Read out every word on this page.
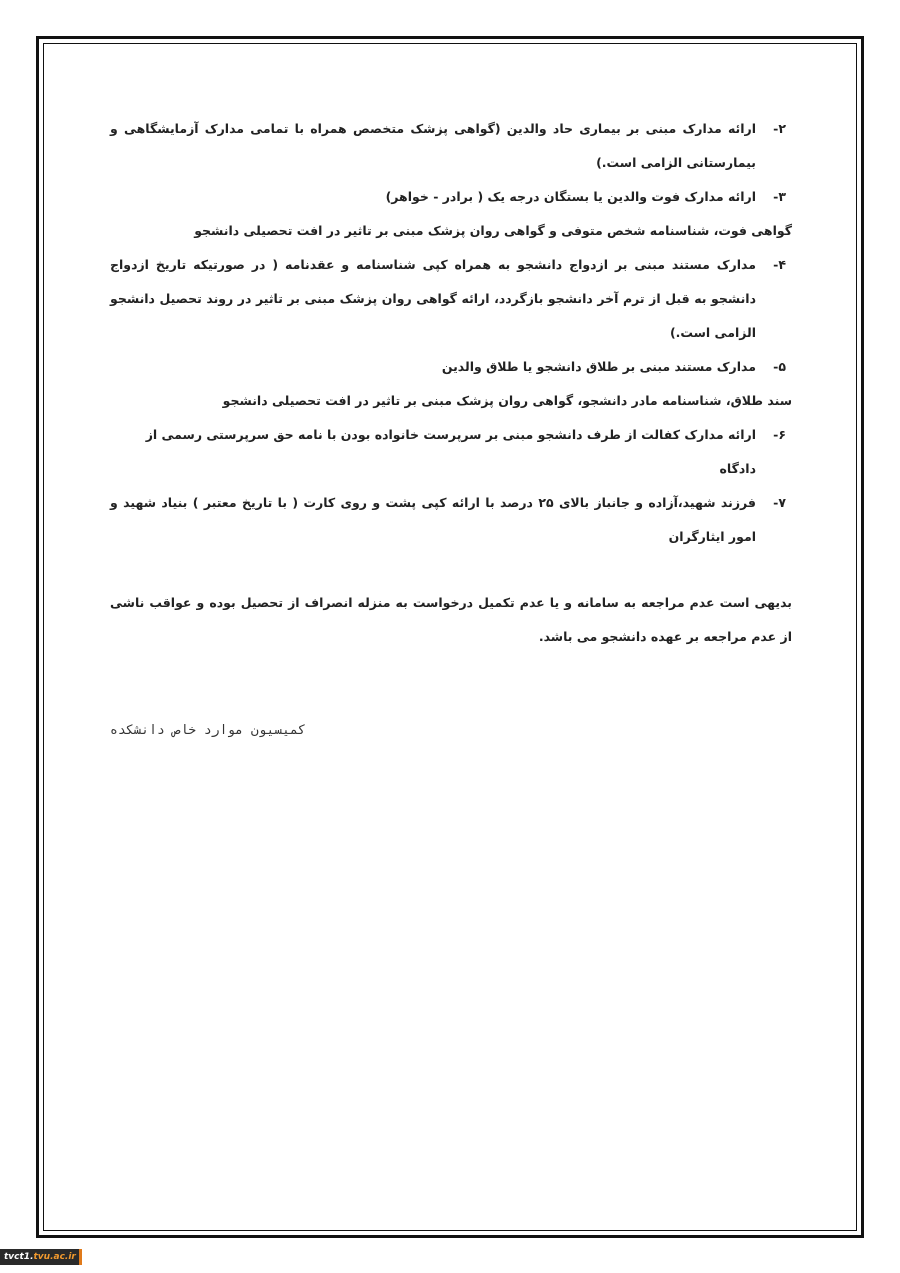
۲-
ارائه مدارک مبنی بر بیماری حاد والدین (گواهی پزشک متخصص همراه با تمامی مدارک آزمایشگاهی و بیمارستانی الزامی است.)
۳-
ارائه مدارک فوت والدین یا بستگان درجه یک ( برادر - خواهر)

گواهی فوت، شناسنامه شخص متوفی و گواهی روان پزشک مبنی بر تاثیر در افت تحصیلی دانشجو

۴-
مدارک مستند مبنی بر ازدواج دانشجو به همراه کپی شناسنامه و عقدنامه ( در صورتیکه تاریخ ازدواج دانشجو به قبل از ترم آخر دانشجو بازگردد، ارائه گواهی روان پزشک مبنی بر تاثیر در روند تحصیل دانشجو الزامی است.)
۵-
مدارک مستند مبنی بر طلاق دانشجو یا طلاق والدین

سند طلاق، شناسنامه مادر دانشجو، گواهی روان پزشک مبنی بر تاثیر در افت تحصیلی دانشجو

۶-
ارائه مدارک کفالت از طرف دانشجو مبنی بر سرپرست خانواده بودن با نامه حق سرپرستی رسمی از دادگاه
۷-
فرزند شهید،آزاده و جانباز بالای ۲۵ درصد با ارائه کپی پشت و روی کارت ( با تاریخ معتبر ) بنیاد شهید و امور ایثارگران

بدیهی است عدم مراجعه به سامانه و یا عدم تکمیل درخواست به منزله انصراف از تحصیل بوده و عواقب ناشی از عدم مراجعه بر عهده دانشجو می باشد.

کمیسیون موارد خاص دانشکده
tvct1.tvu.ac.ir
